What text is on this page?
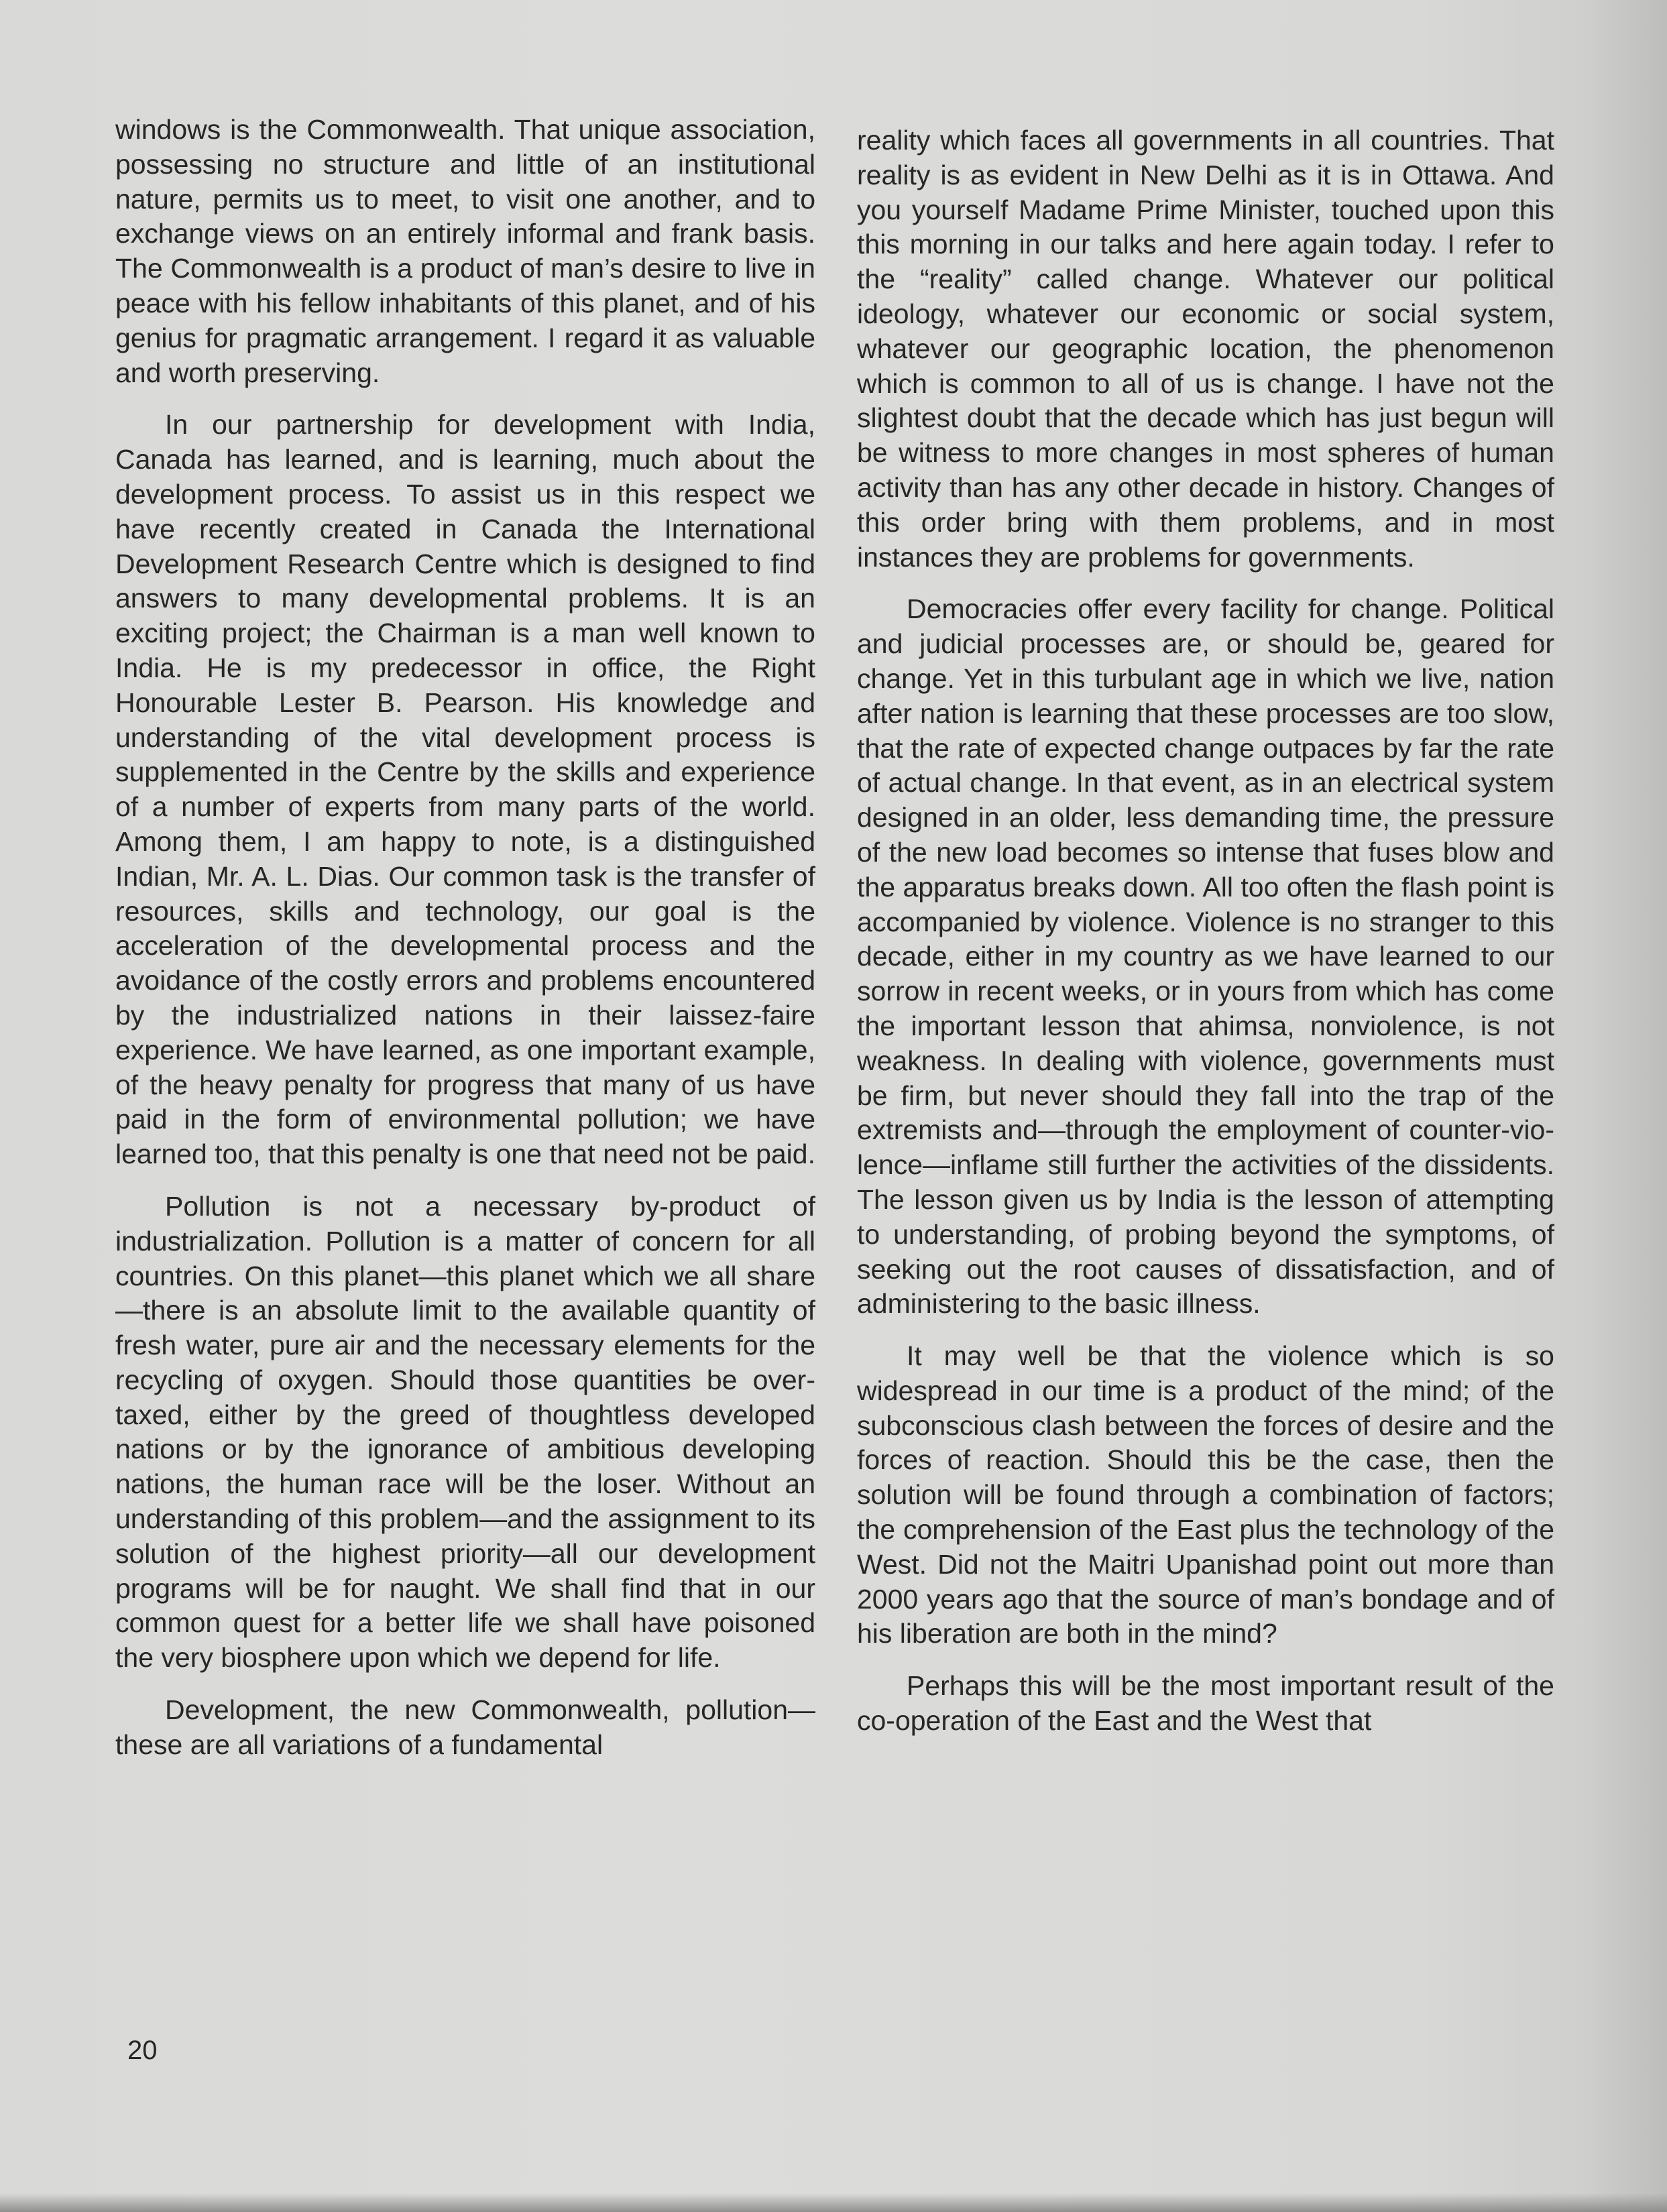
windows is the Commonwealth. That unique association, possessing no structure and little of an institutional nature, permits us to meet, to visit one another, and to exchange views on an entirely informal and frank basis. The Commonwealth is a product of man’s desire to live in peace with his fellow inhabitants of this planet, and of his genius for pragmatic arrangement. I regard it as valuable and worth preserving.

In our partnership for development with India, Canada has learned, and is learning, much about the development process. To assist us in this respect we have recently created in Canada the International Development Research Centre which is designed to find answers to many developmental problems. It is an exciting project; the Chairman is a man well known to India. He is my predecessor in office, the Right Honourable Lester B. Pearson. His knowledge and understanding of the vital development process is supplemented in the Centre by the skills and experience of a number of experts from many parts of the world. Among them, I am happy to note, is a distinguished Indian, Mr. A. L. Dias. Our common task is the transfer of resources, skills and technology, our goal is the acceleration of the developmental process and the avoidance of the costly errors and problems encountered by the industrialized nations in their laissez-faire experience. We have learned, as one important example, of the heavy penalty for progress that many of us have paid in the form of environmental pollution; we have learned too, that this penalty is one that need not be paid.

Pollution is not a necessary by-product of industrialization. Pollution is a matter of concern for all countries. On this planet—this planet which we all share—there is an absolute limit to the available quantity of fresh water, pure air and the necessary elements for the recycling of oxygen. Should those quantities be overtaxed, either by the greed of thoughtless developed nations or by the ignorance of ambitious developing nations, the human race will be the loser. Without an understanding of this problem—and the assignment to its solution of the highest priority—all our development programs will be for naught. We shall find that in our common quest for a better life we shall have poisoned the very biosphere upon which we depend for life.

Development, the new Commonwealth, pollution—these are all variations of a fundamental

reality which faces all governments in all countries. That reality is as evident in New Delhi as it is in Ottawa. And you yourself Madame Prime Minister, touched upon this this morning in our talks and here again today. I refer to the “reality” called change. Whatever our political ideology, whatever our economic or social system, whatever our geographic location, the phenomenon which is common to all of us is change. I have not the slightest doubt that the decade which has just begun will be witness to more changes in most spheres of human activity than has any other decade in history. Changes of this order bring with them problems, and in most instances they are problems for governments.

Democracies offer every facility for change. Political and judicial processes are, or should be, geared for change. Yet in this turbulant age in which we live, nation after nation is learning that these processes are too slow, that the rate of expected change outpaces by far the rate of actual change. In that event, as in an electrical system designed in an older, less demanding time, the pressure of the new load becomes so intense that fuses blow and the apparatus breaks down. All too often the flash point is accompanied by violence. Violence is no stranger to this decade, either in my country as we have learned to our sorrow in recent weeks, or in yours from which has come the important lesson that ahimsa, nonviolence, is not weakness. In dealing with violence, governments must be firm, but never should they fall into the trap of the extremists and—through the employment of counter-violence—inflame still further the activities of the dissidents. The lesson given us by India is the lesson of attempting to understanding, of probing beyond the symptoms, of seeking out the root causes of dissatisfaction, and of administering to the basic illness.

It may well be that the violence which is so widespread in our time is a product of the mind; of the subconscious clash between the forces of desire and the forces of reaction. Should this be the case, then the solution will be found through a combination of factors; the comprehension of the East plus the technology of the West. Did not the Maitri Upanishad point out more than 2000 years ago that the source of man’s bondage and of his liberation are both in the mind?

Perhaps this will be the most important result of the co-operation of the East and the West that

20
